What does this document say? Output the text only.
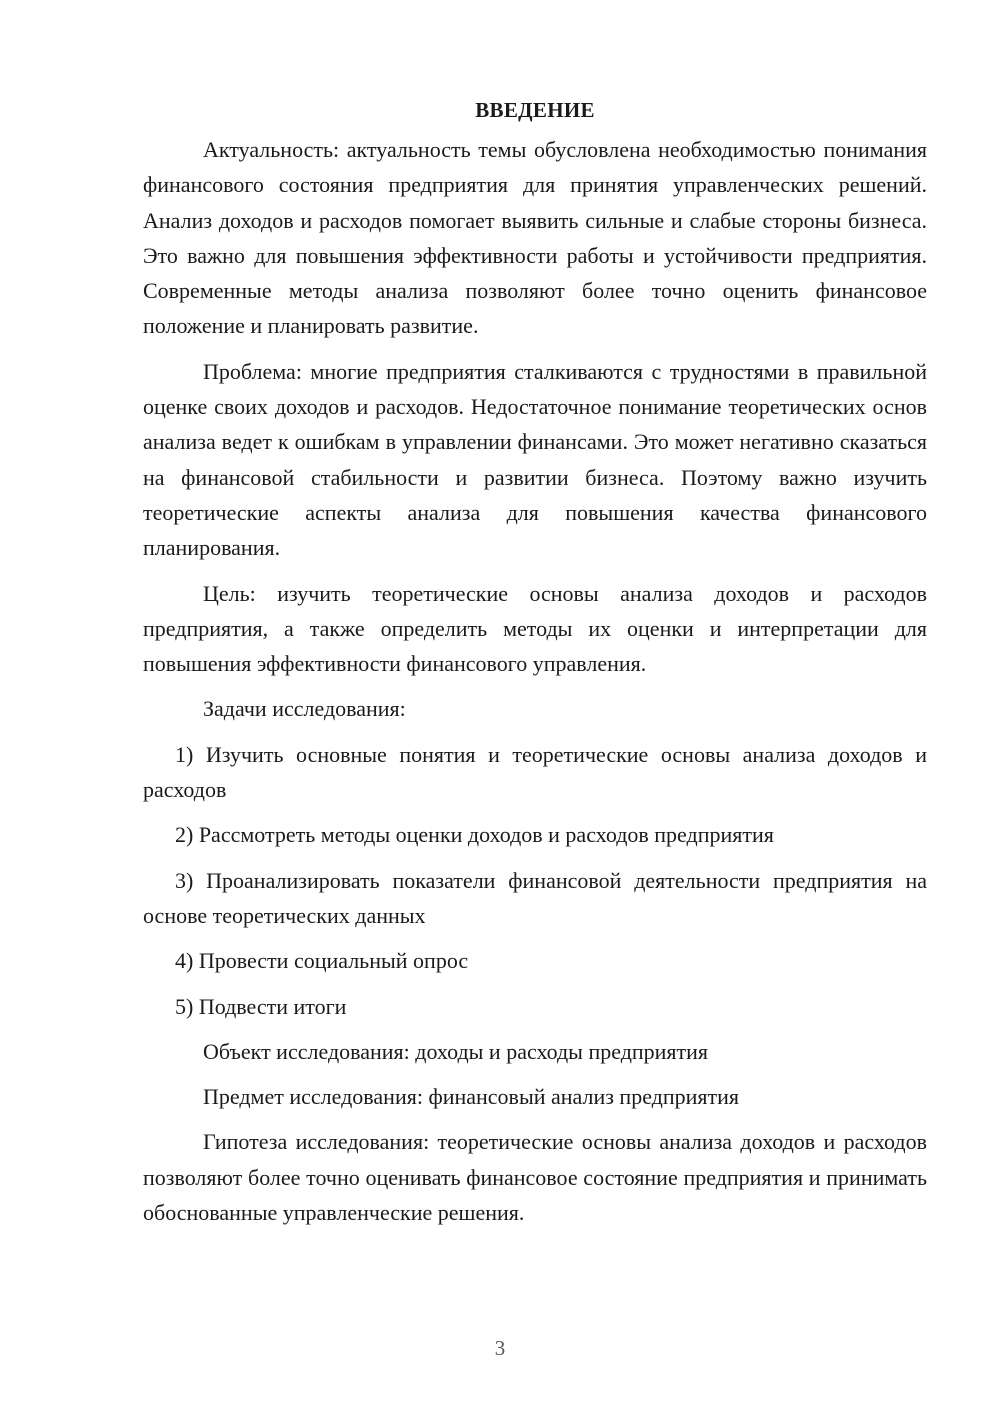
ВВЕДЕНИЕ

Актуальность: актуальность темы обусловлена необходимостью понимания финансового состояния предприятия для принятия управленческих решений. Анализ доходов и расходов помогает выявить сильные и слабые стороны бизнеса. Это важно для повышения эффективности работы и устойчивости предприятия. Современные методы анализа позволяют более точно оценить финансовое положение и планировать развитие.

Проблема: многие предприятия сталкиваются с трудностями в правильной оценке своих доходов и расходов. Недостаточное понимание теоретических основ анализа ведет к ошибкам в управлении финансами. Это может негативно сказаться на финансовой стабильности и развитии бизнеса. Поэтому важно изучить теоретические аспекты анализа для повышения качества финансового планирования.

Цель: изучить теоретические основы анализа доходов и расходов предприятия, а также определить методы их оценки и интерпретации для повышения эффективности финансового управления.

Задачи исследования:

1) Изучить основные понятия и теоретические основы анализа доходов и расходов

2) Рассмотреть методы оценки доходов и расходов предприятия

3) Проанализировать показатели финансовой деятельности предприятия на основе теоретических данных

4) Провести социальный опрос

5) Подвести итоги

Объект исследования: доходы и расходы предприятия

Предмет исследования: финансовый анализ предприятия

Гипотеза исследования: теоретические основы анализа доходов и расходов позволяют более точно оценивать финансовое состояние предприятия и принимать обоснованные управленческие решения.

3
